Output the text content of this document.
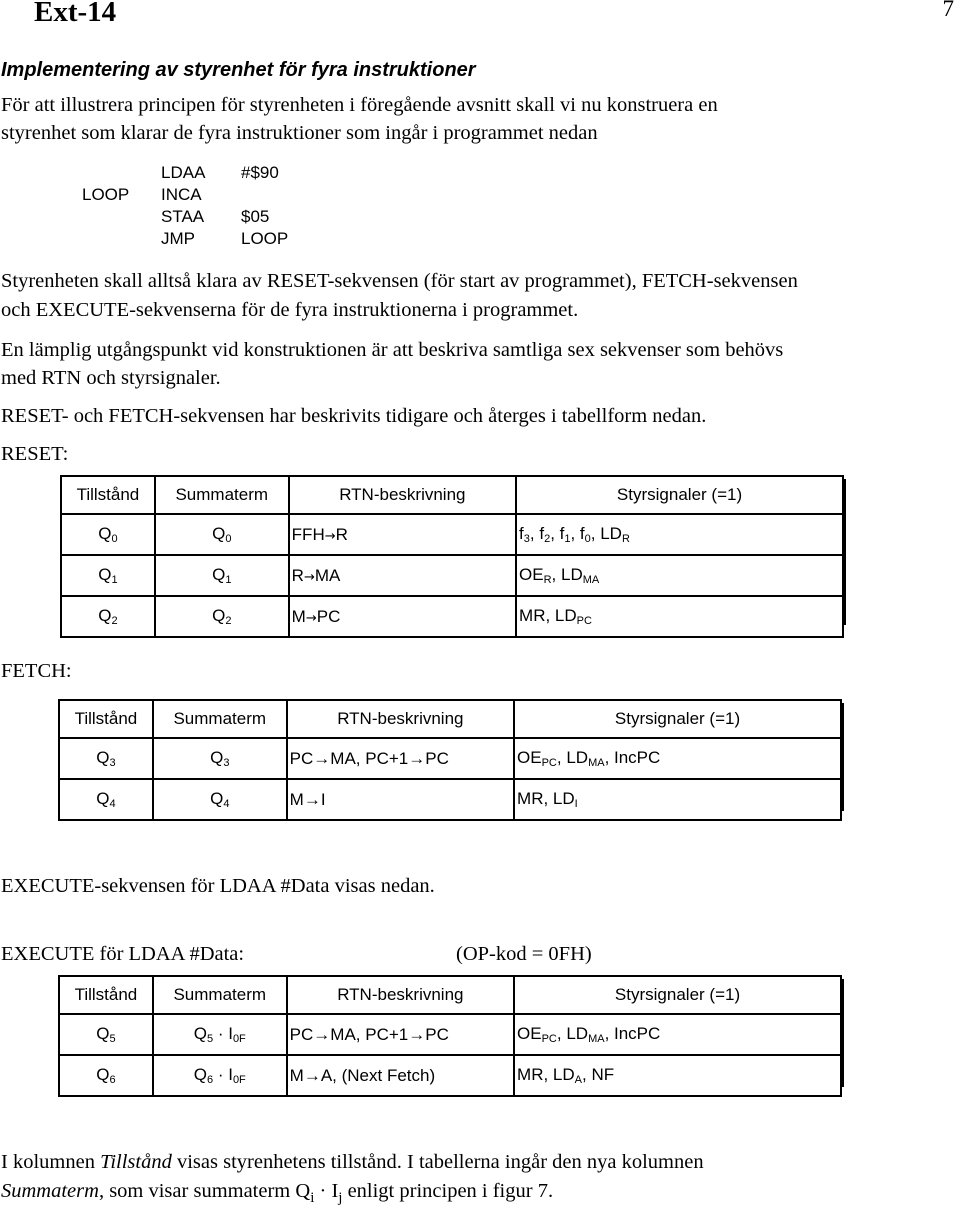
Ext-14	7
Implementering av styrenhet för fyra instruktioner
För att illustrera principen för styrenheten i föregående avsnitt skall vi nu konstruera en
styrenhet som klarar de fyra instruktioner som ingår i programmet nedan
LDAA #$90
LOOP INCA
STAA $05
JMP	LOOP
Styrenheten skall alltså klara av RESET-sekvensen (för start av programmet), FETCH-sekvensen
och EXECUTE-sekvenserna för de fyra instruktionerna i programmet.
En lämplig utgångspunkt vid konstruktionen är att beskriva samtliga sex sekvenser som behövs
med RTN och styrsignaler.
RESET- och FETCH-sekvensen har beskrivits tidigare och återges i tabellform nedan.
RESET:
Tillstånd	Summaterm	RTN-beskrivning	Styrsignaler (=1)
$Q_0$	$Q_0$	FFH→R	$f_3$, $f_2$, $f_1$, $f_0$, $LD_R$
$Q_1$	$Q_1$	R→MA	$OE_R$, $LD_{MA}$
$Q_2$	$Q_2$	M→PC	MR, $LD_{PC}$
FETCH:
Tillstånd	Summaterm	RTN-beskrivning	Styrsignaler (=1)
$Q_3$	$Q_3$	PC→MA, PC+1→PC	$OE_{PC}$, $LD_{MA}$, IncPC
$Q_4$	$Q_4$	M→I	MR, $LD_I$
EXECUTE-sekvensen för LDAA #Data visas nedan.
EXECUTE för LDAA #Data:	(OP-kod = 0FH)
Tillstånd	Summaterm	RTN-beskrivning	Styrsignaler (=1)
$Q_5$	$Q_5 \cdot I_{0F}$	PC→MA, PC+1→PC	$OE_{PC}$, $LD_{MA}$, IncPC
$Q_6$	$Q_6 \cdot I_{0F}$	M→A, (Next Fetch)	MR, $LD_A$, NF
I kolumnen Tillstånd visas styrenhetens tillstånd. I tabellerna ingår den nya kolumnen
Summaterm, som visar summaterm $Q_i \cdot I_j$ enligt principen i figur 7.
